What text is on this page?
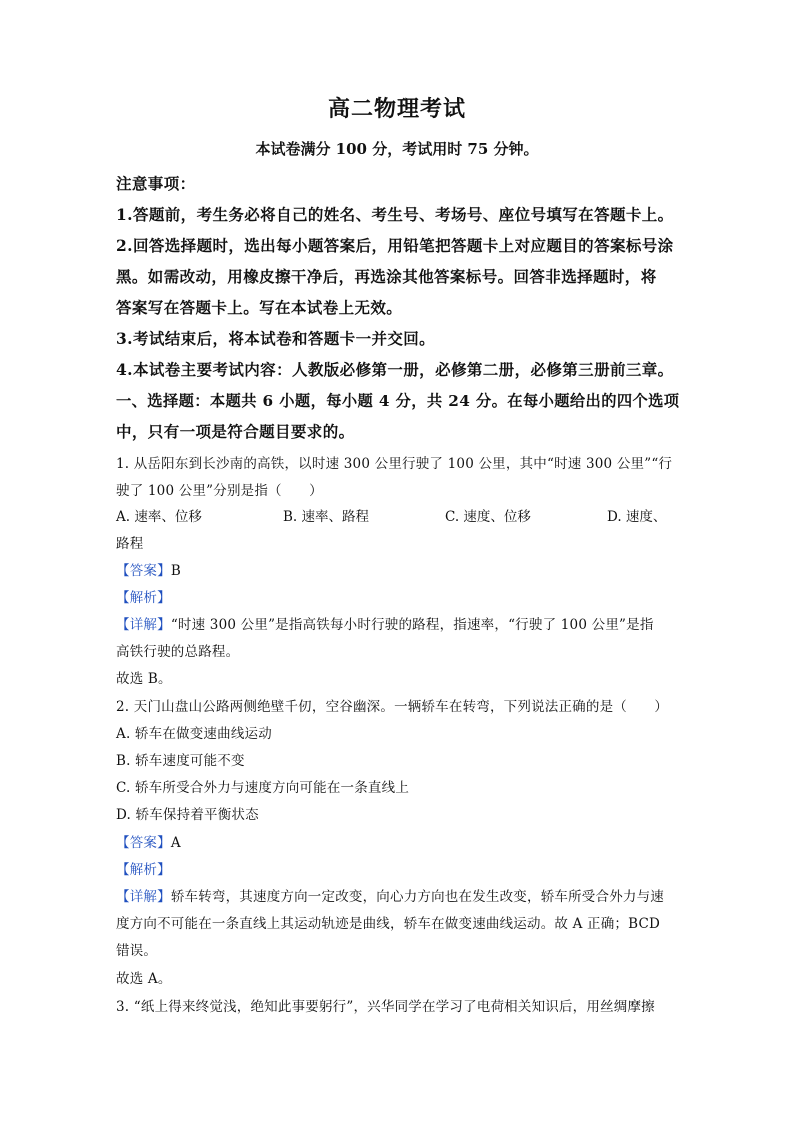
高二物理考试
本试卷满分 100 分，考试用时 75 分钟。
注意事项：
1.答题前，考生务必将自己的姓名、考生号、考场号、座位号填写在答题卡上。
2.回答选择题时，选出每小题答案后，用铅笔把答题卡上对应题目的答案标号涂
黑。如需改动，用橡皮擦干净后，再选涂其他答案标号。回答非选择题时，将
答案写在答题卡上。写在本试卷上无效。
3.考试结束后，将本试卷和答题卡一并交回。
4.本试卷主要考试内容：人教版必修第一册，必修第二册，必修第三册前三章。
一、选择题：本题共 6 小题，每小题 4 分，共 24 分。在每小题给出的四个选项
中，只有一项是符合题目要求的。
1. 从岳阳东到长沙南的高铁，以时速 300 公里行驶了 100 公里，其中“时速 300 公里”“行
驶了 100 公里”分别是指（　　）
A. 速率、位移	B. 速率、路程	C. 速度、位移	D. 速度、
路程
【答案】B
【解析】
【详解】“时速 300 公里”是指高铁每小时行驶的路程，指速率，“行驶了 100 公里”是指
高铁行驶的总路程。
故选 B。
2. 天门山盘山公路两侧绝壁千仞，空谷幽深。一辆轿车在转弯，下列说法正确的是（　　）
A. 轿车在做变速曲线运动
B. 轿车速度可能不变
C. 轿车所受合外力与速度方向可能在一条直线上
D. 轿车保持着平衡状态
【答案】A
【解析】
【详解】轿车转弯，其速度方向一定改变，向心力方向也在发生改变，轿车所受合外力与速
度方向不可能在一条直线上其运动轨迹是曲线，轿车在做变速曲线运动。故 A 正确；BCD
错误。
故选 A。
3. “纸上得来终觉浅，绝知此事要躬行”，兴华同学在学习了电荷相关知识后，用丝绸摩擦
